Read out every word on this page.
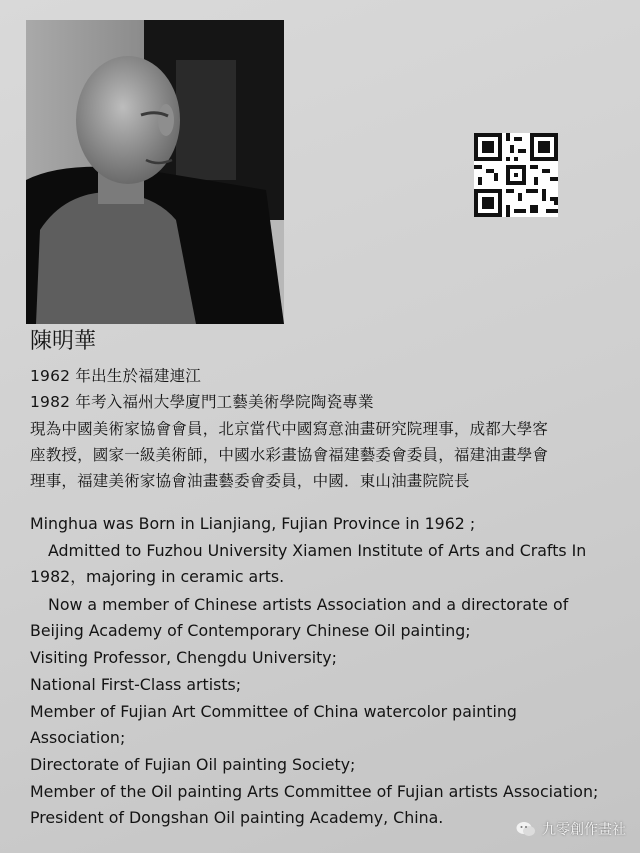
陳明華
1962 年出生於福建連江
1982 年考入福州大學廈門工藝美術學院陶瓷專業
現為中國美術家協會會員，北京當代中國寫意油畫研究院理事，成都大學客
座教授，國家一級美術師，中國水彩畫協會福建藝委會委員，福建油畫學會
理事，福建美術家協會油畫藝委會委員，中國．東山油畫院院長
Minghua was Born in Lianjiang, Fujian Province in 1962 ;
Admitted to Fuzhou University Xiamen Institute of Arts and Crafts In
1982，majoring in ceramic arts.
Now a member of Chinese artists Association and a directorate of
Beijing Academy of Contemporary Chinese Oil painting;
Visiting Professor, Chengdu University;
National First-Class artists;
Member of Fujian Art Committee of China watercolor painting
Association;
Directorate of Fujian Oil painting Society;
Member of the Oil painting Arts Committee of Fujian artists Association;
President of Dongshan Oil painting Academy, China.
九零創作畫社
